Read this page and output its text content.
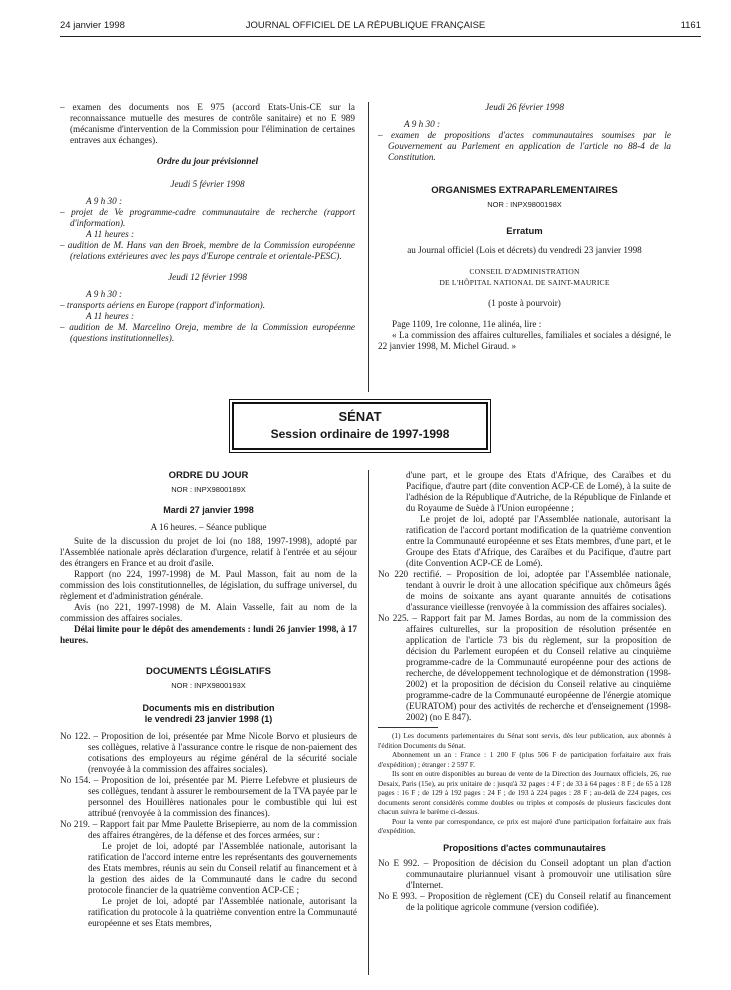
24 janvier 1998	JOURNAL OFFICIEL DE LA RÉPUBLIQUE FRANÇAISE	1161

– examen des documents nos E 975 (accord Etats-Unis-CE sur la reconnaissance mutuelle des mesures de contrôle sanitaire) et no E 989 (mécanisme d'intervention de la Commission pour l'élimination de certaines entraves aux échanges).

Ordre du jour prévisionnel

Jeudi 5 février 1998

A 9 h 30 :

– projet de Ve programme-cadre communautaire de recherche (rapport d'information).

A 11 heures :

– audition de M. Hans van den Broek, membre de la Commission européenne (relations extérieures avec les pays d'Europe centrale et orientale-PESC).

Jeudi 12 février 1998

A 9 h 30 :

– transports aériens en Europe (rapport d'information).

A 11 heures :

– audition de M. Marcelino Oreja, membre de la Commission européenne (questions institutionnelles).

Jeudi 26 février 1998

A 9 h 30 :

– examen de propositions d'actes communautaires soumises par le Gouvernement au Parlement en application de l'article no 88-4 de la Constitution.

ORGANISMES EXTRAPARLEMENTAIRES

NOR : INPX9800198X

Erratum

au Journal officiel (Lois et décrets) du vendredi 23 janvier 1998

CONSEIL D'ADMINISTRATION

DE L'HÔPITAL NATIONAL DE SAINT-MAURICE

(1 poste à pourvoir)

Page 1109, 1re colonne, 11e alinéa, lire :

« La commission des affaires culturelles, familiales et sociales a désigné, le 22 janvier 1998, M. Michel Giraud. »

SÉNAT
Session ordinaire de 1997-1998

ORDRE DU JOUR

NOR : INPX9800189X

Mardi 27 janvier 1998

A 16 heures. – Séance publique

Suite de la discussion du projet de loi (no 188, 1997-1998), adopté par l'Assemblée nationale après déclaration d'urgence, relatif à l'entrée et au séjour des étrangers en France et au droit d'asile.

Rapport (no 224, 1997-1998) de M. Paul Masson, fait au nom de la commission des lois constitutionnelles, de législation, du suffrage universel, du règlement et d'administration générale.

Avis (no 221, 1997-1998) de M. Alain Vasselle, fait au nom de la commission des affaires sociales.

Délai limite pour le dépôt des amendements : lundi 26 janvier 1998, à 17 heures.

DOCUMENTS LÉGISLATIFS

NOR : INPX9800193X

Documents mis en distribution

le vendredi 23 janvier 1998 (1)

No 122. – Proposition de loi, présentée par Mme Nicole Borvo et plusieurs de ses collègues, relative à l'assurance contre le risque de non-paiement des cotisations des employeurs au régime général de la sécurité sociale (renvoyée à la commission des affaires sociales).

No 154. – Proposition de loi, présentée par M. Pierre Lefebvre et plusieurs de ses collègues, tendant à assurer le remboursement de la TVA payée par le personnel des Houillères nationales pour le combustible qui lui est attribué (renvoyée à la commission des finances).

No 219. – Rapport fait par Mme Paulette Brisepierre, au nom de la commission des affaires étrangères, de la défense et des forces armées, sur :

Le projet de loi, adopté par l'Assemblée nationale, autorisant la ratification de l'accord interne entre les représentants des gouvernements des Etats membres, réunis au sein du Conseil relatif au financement et à la gestion des aides de la Communauté dans le cadre du second protocole financier de la quatrième convention ACP-CE ;

Le projet de loi, adopté par l'Assemblée nationale, autorisant la ratification du protocole à la quatrième convention entre la Communauté européenne et ses Etats membres,

d'une part, et le groupe des Etats d'Afrique, des Caraïbes et du Pacifique, d'autre part (dite convention ACP-CE de Lomé), à la suite de l'adhésion de la République d'Autriche, de la République de Finlande et du Royaume de Suède à l'Union européenne ;

Le projet de loi, adopté par l'Assemblée nationale, autorisant la ratification de l'accord portant modification de la quatrième convention entre la Communauté européenne et ses Etats membres, d'une part, et le Groupe des Etats d'Afrique, des Caraïbes et du Pacifique, d'autre part (dite Convention ACP-CE de Lomé).

No 220 rectifié. – Proposition de loi, adoptée par l'Assemblée nationale, tendant à ouvrir le droit à une allocation spécifique aux chômeurs âgés de moins de soixante ans ayant quarante annuités de cotisations d'assurance vieillesse (renvoyée à la commission des affaires sociales).

No 225. – Rapport fait par M. James Bordas, au nom de la commission des affaires culturelles, sur la proposition de résolution présentée en application de l'article 73 bis du règlement, sur la proposition de décision du Parlement européen et du Conseil relative au cinquième programme-cadre de la Communauté européenne pour des actions de recherche, de développement technologique et de démonstration (1998-2002) et la proposition de décision du Conseil relative au cinquième programme-cadre de la Communauté européenne de l'énergie atomique (EURATOM) pour des activités de recherche et d'enseignement (1998-2002) (no E 847).

(1) Les documents parlementaires du Sénat sont servis, dès leur publication, aux abonnés à l'édition Documents du Sénat.

Abonnement un an : France : 1 200 F (plus 506 F de participation forfaitaire aux frais d'expédition) ; étranger : 2 597 F.

Ils sont en outre disponibles au bureau de vente de la Direction des Journaux officiels, 26, rue Desaix, Paris (15e), au prix unitaire de : jusqu'à 32 pages : 4 F ; de 33 à 64 pages : 8 F ; de 65 à 128 pages : 16 F ; de 129 à 192 pages : 24 F ; de 193 à 224 pages : 28 F ; au-delà de 224 pages, ces documents seront considérés comme doubles ou triples et composés de plusieurs fascicules dont chacun suivra le barème ci-dessus.

Pour la vente par correspondance, ce prix est majoré d'une participation forfaitaire aux frais d'expédition.

Propositions d'actes communautaires

No E 992. – Proposition de décision du Conseil adoptant un plan d'action communautaire pluriannuel visant à promouvoir une utilisation sûre d'Internet.

No E 993. – Proposition de règlement (CE) du Conseil relatif au financement de la politique agricole commune (version codifiée).
